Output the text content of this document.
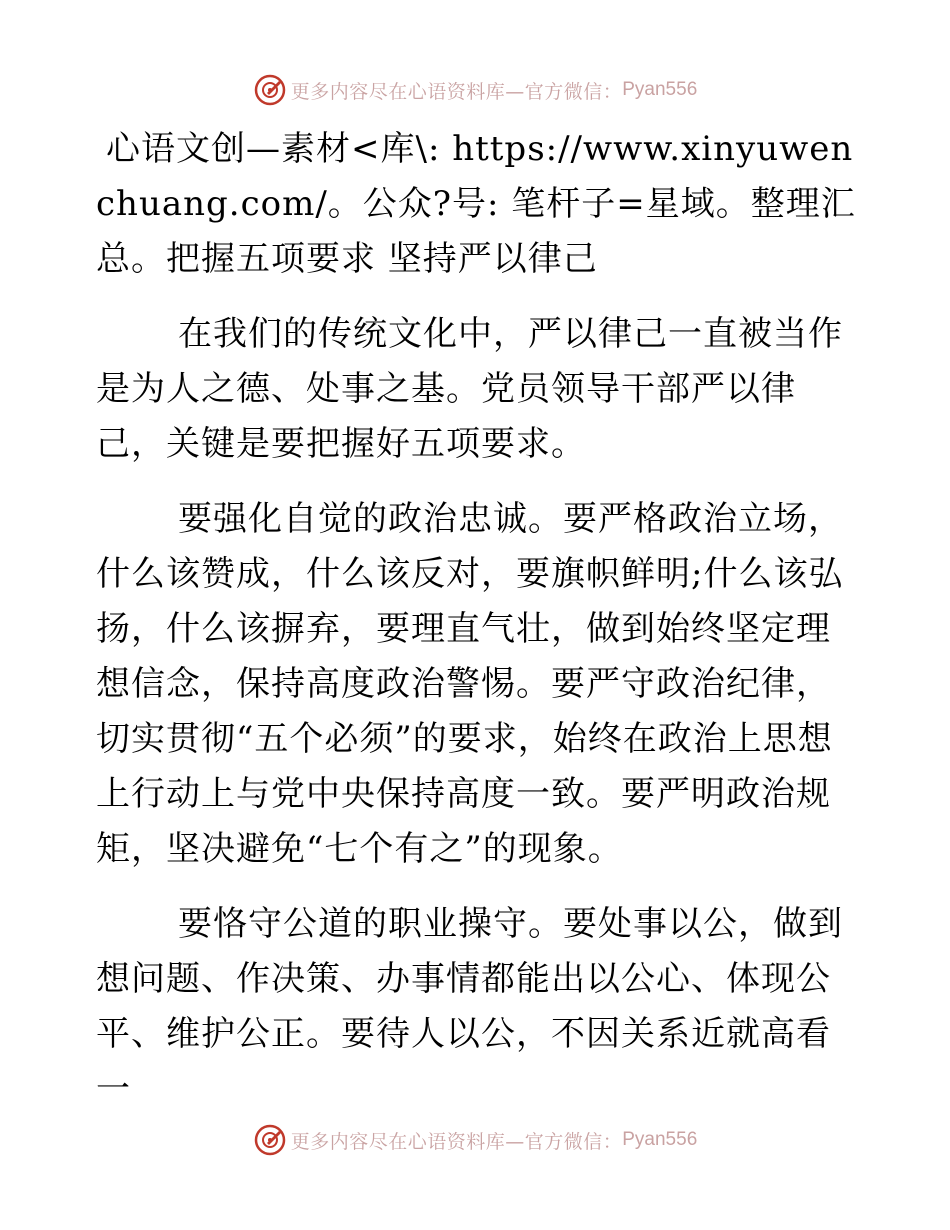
更多内容尽在心语资料库—官方微信： Pyan556

心语文创—素材<库\: https://www.xinyuwenchuang.com/。公众?号: 笔杆子=星域。整理汇总。把握五项要求 坚持严以律己

在我们的传统文化中，严以律己一直被当作是为人之德、处事之基。党员领导干部严以律己，关键是要把握好五项要求。

要强化自觉的政治忠诚。要严格政治立场，什么该赞成，什么该反对，要旗帜鲜明;什么该弘扬，什么该摒弃，要理直气壮，做到始终坚定理想信念，保持高度政治警惕。要严守政治纪律，切实贯彻“五个必须”的要求，始终在政治上思想上行动上与党中央保持高度一致。要严明政治规矩，坚决避免“七个有之”的现象。

要恪守公道的职业操守。要处事以公，做到想问题、作决策、办事情都能出以公心、体现公平、维护公正。要待人以公，不因关系近就高看一

更多内容尽在心语资料库—官方微信： Pyan556
